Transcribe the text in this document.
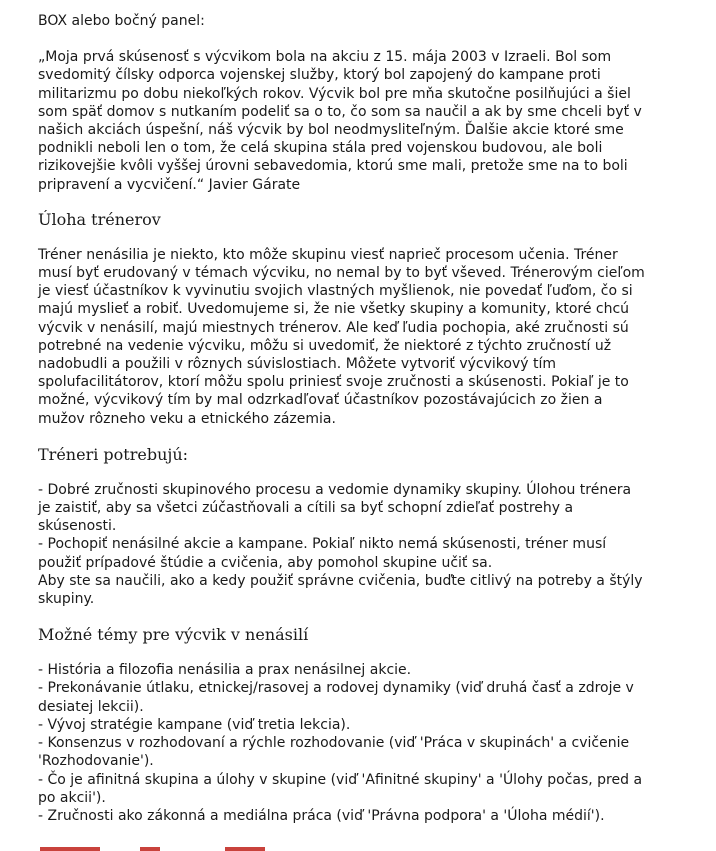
BOX alebo bočný panel:

„Moja prvá skúsenosť s výcvikom bola na akciu z 15. mája 2003 v Izraeli. Bol som svedomitý čílsky odporca vojenskej služby, ktorý bol zapojený do kampane proti militarizmu po dobu niekoľkých rokov. Výcvik bol pre mňa skutočne posilňujúci a šiel som späť domov s nutkaním podeliť sa o to, čo som sa naučil a ak by sme chceli byť v našich akciách úspešní, náš výcvik by bol neodmysliteľným. Ďalšie akcie ktoré sme podnikli neboli len o tom, že celá skupina stála pred vojenskou budovou, ale boli rizikovejšie kvôli vyššej úrovni sebavedomia, ktorú sme mali, pretože sme na to boli pripravení a vycvičení.“ Javier Gárate

Úloha trénerov

Tréner nenásilia je niekto, kto môže skupinu viesť naprieč procesom učenia. Tréner musí byť erudovaný v témach výcviku, no nemal by to byť vševed. Trénerovým cieľom je viesť účastníkov k vyvinutiu svojich vlastných myšlienok, nie povedať ľuďom, čo si majú myslieť a robiť. Uvedomujeme si, že nie všetky skupiny a komunity, ktoré chcú výcvik v nenásilí, majú miestnych trénerov. Ale keď ľudia pochopia, aké zručnosti sú potrebné na vedenie výcviku, môžu si uvedomiť, že niektoré z týchto zručností už nadobudli a použili v rôznych súvislostiach. Môžete vytvoriť výcvikový tím spolufacilitátorov, ktorí môžu spolu priniesť svoje zručnosti a skúsenosti. Pokiaľ je to možné, výcvikový tím by mal odzrkadľovať účastníkov pozostávajúcich zo žien a mužov rôzneho veku a etnického zázemia.

Tréneri potrebujú:
- Dobré zručnosti skupinového procesu a vedomie dynamiky skupiny. Úlohou trénera je zaistiť, aby sa všetci zúčastňovali a cítili sa byť schopní zdieľať postrehy a skúsenosti.
- Pochopiť nenásilné akcie a kampane. Pokiaľ nikto nemá skúsenosti, tréner musí použiť prípadové štúdie a cvičenia, aby pomohol skupine učiť sa.
Aby ste sa naučili, ako a kedy použiť správne cvičenia, buďte citlivý na potreby a štýly skupiny.
Možné témy pre výcvik v nenásilí
- História a filozofia nenásilia a prax nenásilnej akcie.
- Prekonávanie útlaku, etnickej/rasovej a rodovej dynamiky (viď druhá časť a zdroje v desiatej lekcii).
- Vývoj stratégie kampane (viď tretia lekcia).
- Konsenzus v rozhodovaní a rýchle rozhodovanie (viď 'Práca v skupinách' a cvičenie 'Rozhodovanie').
- Čo je afinitná skupina a úlohy v skupine (viď 'Afinitné skupiny' a 'Úlohy počas, pred a po akcii').
- Zručnosti ako zákonná a mediálna práca (viď 'Právna podpora' a 'Úloha médií').
